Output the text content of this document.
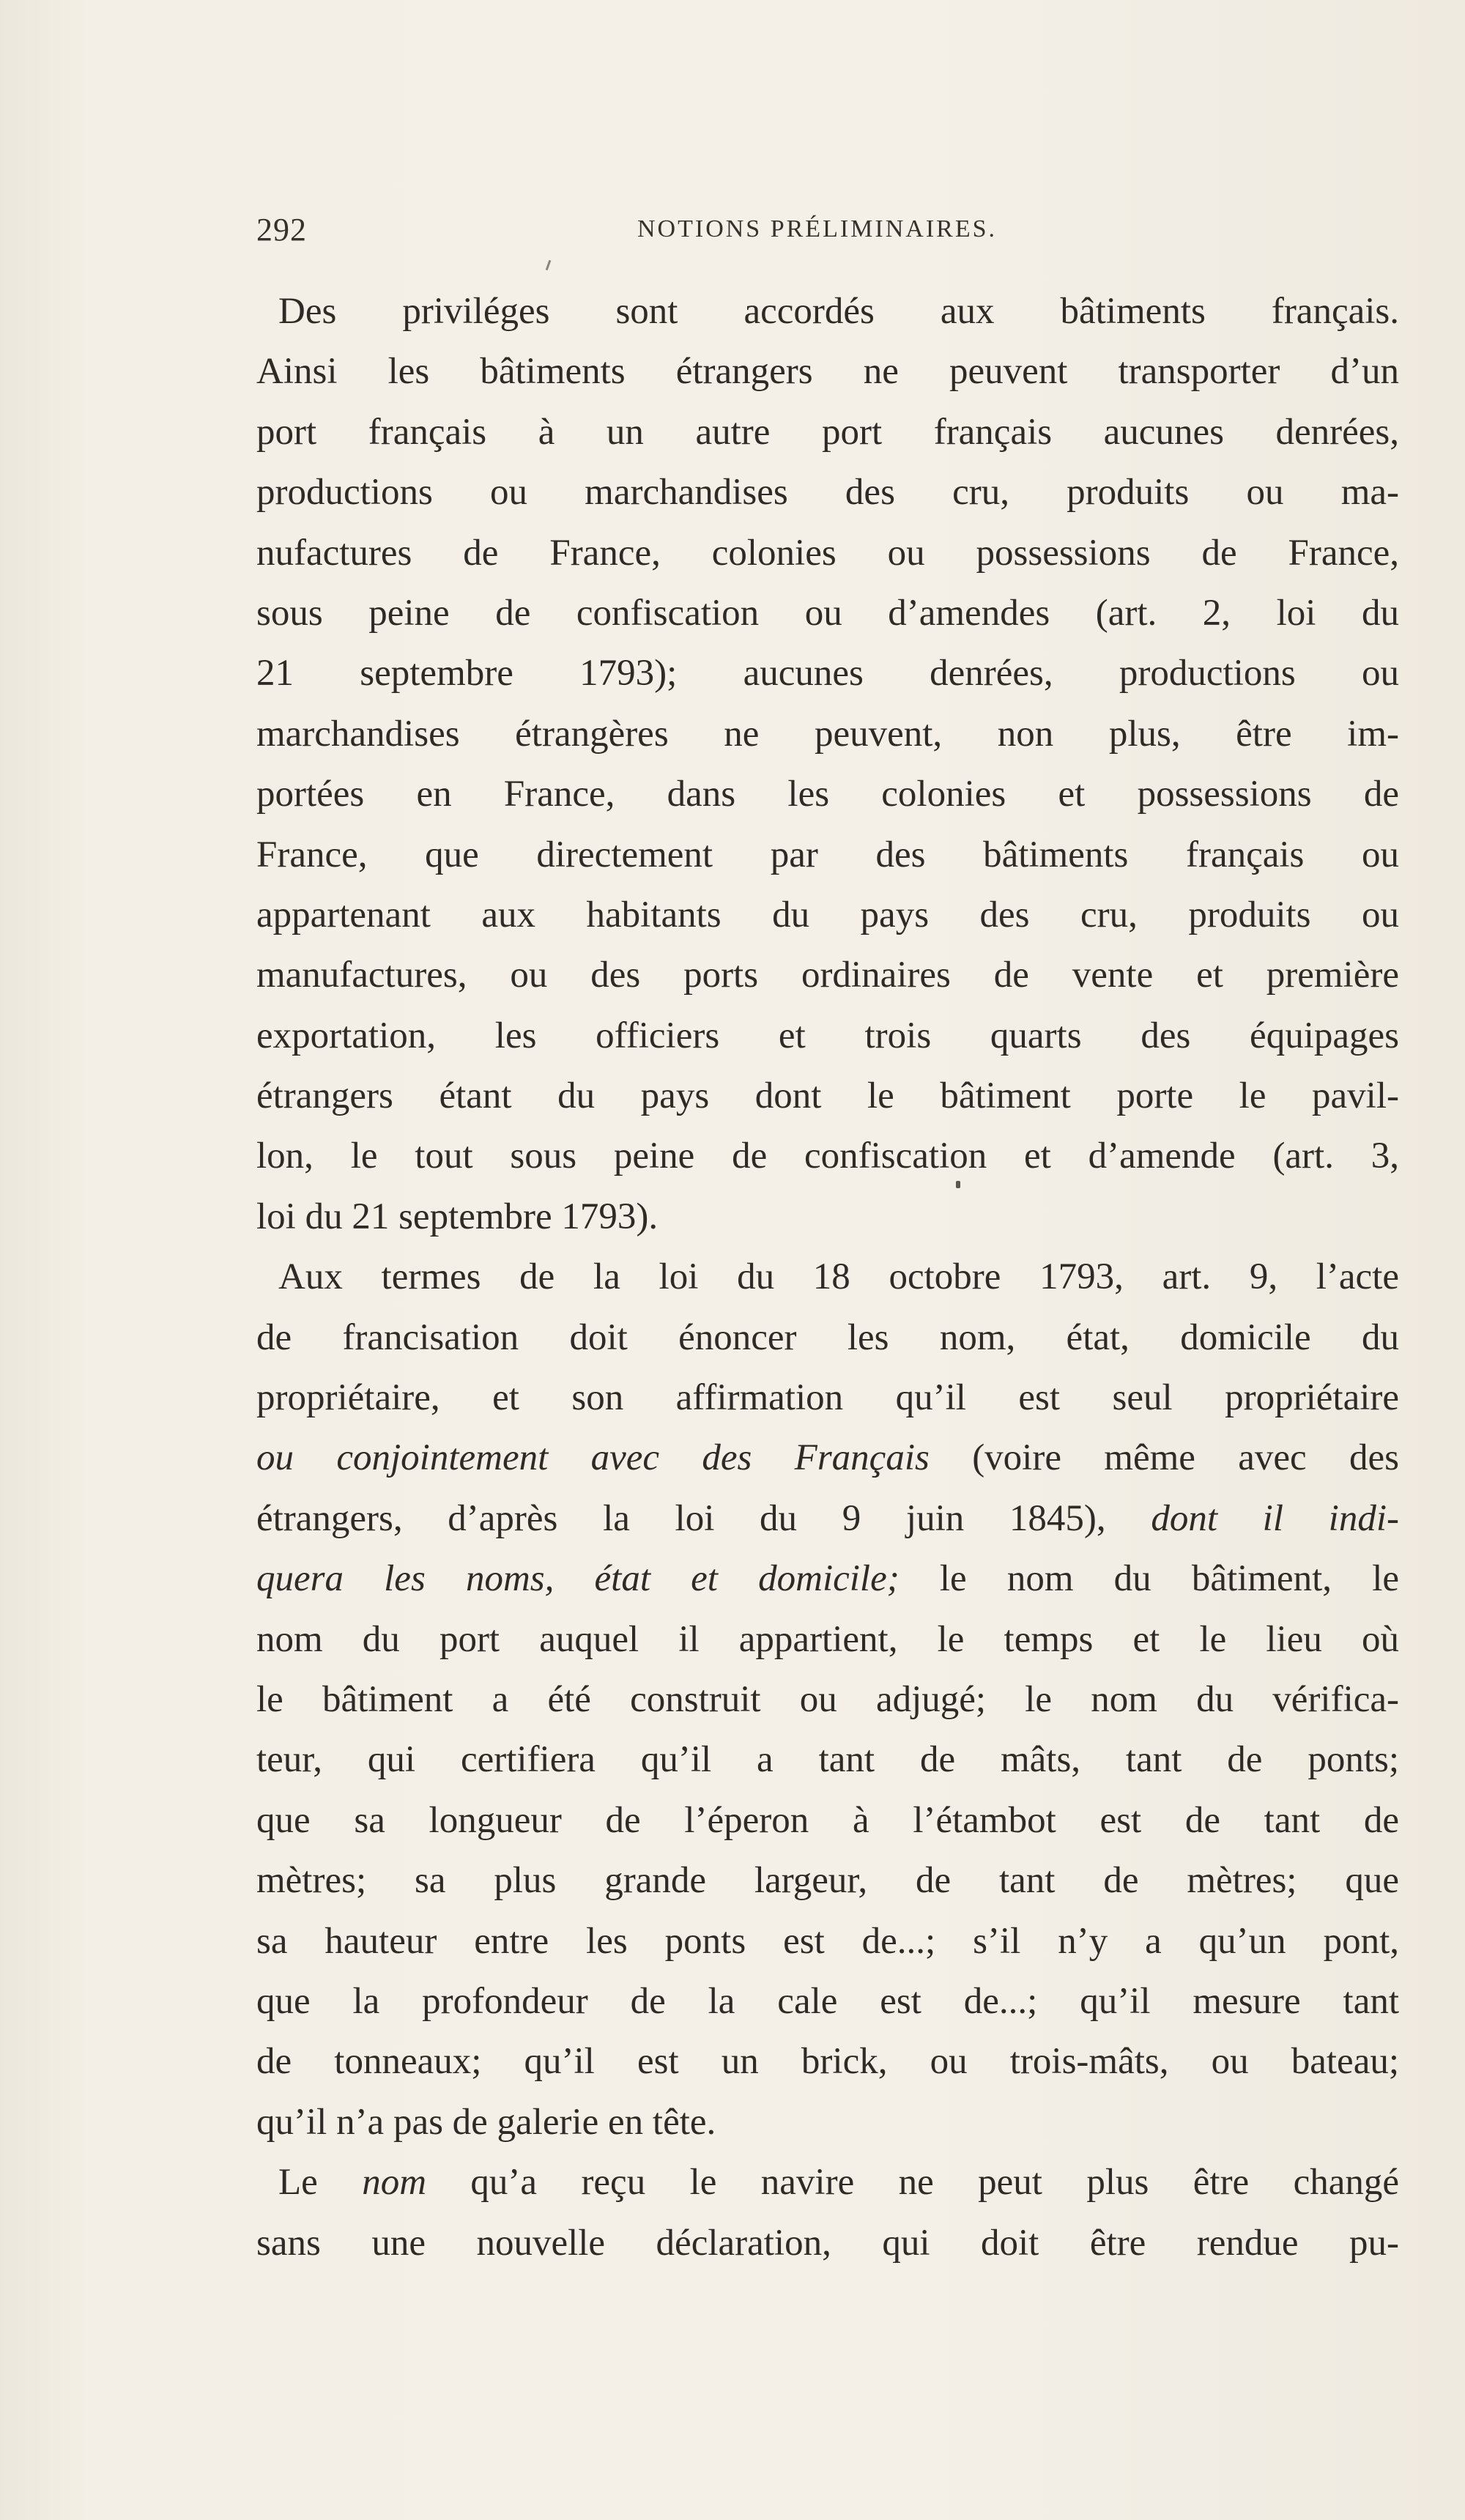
292	NOTIONS PRÉLIMINAIRES.
Des priviléges sont accordés aux bâtiments français.
Ainsi les bâtiments étrangers ne peuvent transporter d’un
port français à un autre port français aucunes denrées,
productions ou marchandises des cru, produits ou ma-
nufactures de France, colonies ou possessions de France,
sous peine de confiscation ou d’amendes (art. 2, loi du
21 septembre 1793); aucunes denrées, productions ou
marchandises étrangères ne peuvent, non plus, être im-
portées en France, dans les colonies et possessions de
France, que directement par des bâtiments français ou
appartenant aux habitants du pays des cru, produits ou
manufactures, ou des ports ordinaires de vente et première
exportation, les officiers et trois quarts des équipages
étrangers étant du pays dont le bâtiment porte le pavil-
lon, le tout sous peine de confiscation et d’amende (art. 3,
loi du 21 septembre 1793).
Aux termes de la loi du 18 octobre 1793, art. 9, l’acte
de francisation doit énoncer les nom, état, domicile du
propriétaire, et son affirmation qu’il est seul propriétaire
ou conjointement avec des Français (voire même avec des
étrangers, d’après la loi du 9 juin 1845), dont il indi-
quera les noms, état et domicile; le nom du bâtiment, le
nom du port auquel il appartient, le temps et le lieu où
le bâtiment a été construit ou adjugé; le nom du vérifica-
teur, qui certifiera qu’il a tant de mâts, tant de ponts;
que sa longueur de l’éperon à l’étambot est de tant de
mètres; sa plus grande largeur, de tant de mètres; que
sa hauteur entre les ponts est de...; s’il n’y a qu’un pont,
que la profondeur de la cale est de...; qu’il mesure tant
de tonneaux; qu’il est un brick, ou trois-mâts, ou bateau;
qu’il n’a pas de galerie en tête.
Le nom qu’a reçu le navire ne peut plus être changé
sans une nouvelle déclaration, qui doit être rendue pu-
